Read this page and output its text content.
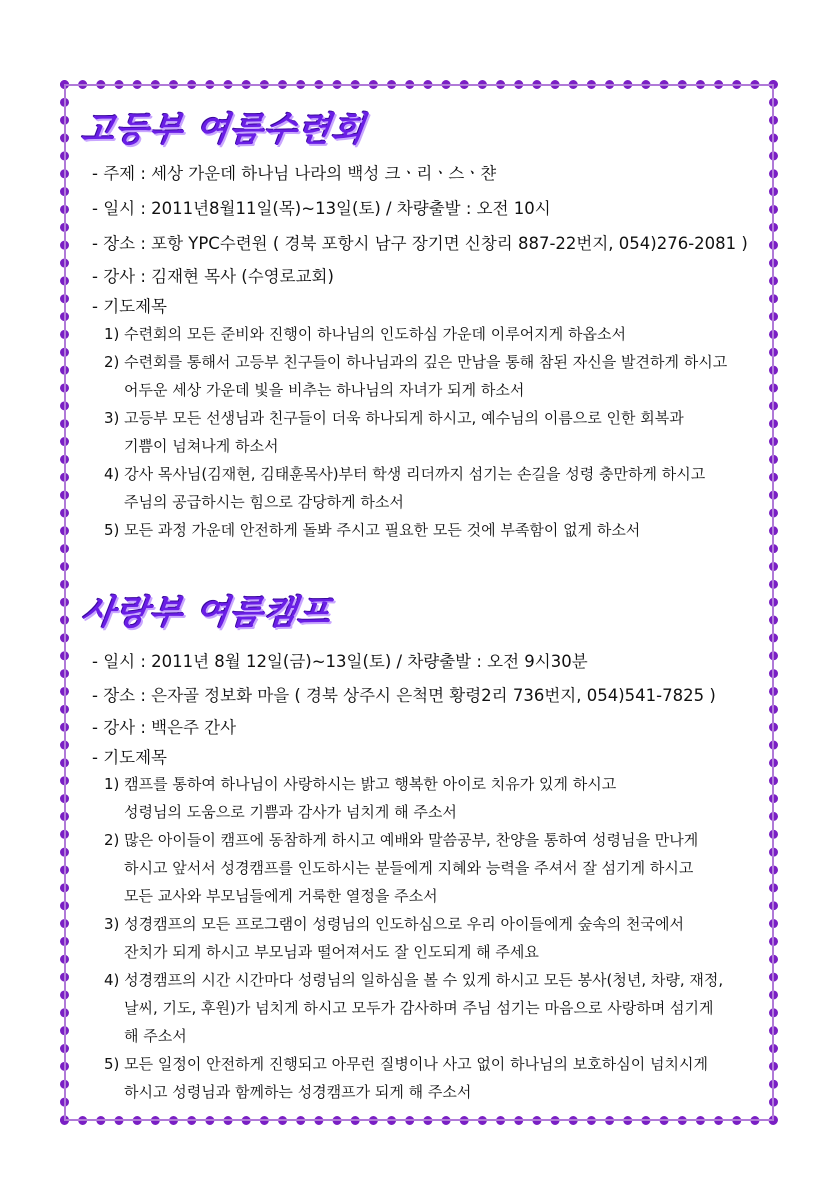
고등부 여름수련회
- 주제 : 세상 가운데 하나님 나라의 백성 크ㆍ리ㆍ스ㆍ챤
- 일시 : 2011년8월11일(목)~13일(토) / 차량출발 : 오전 10시
- 장소 : 포항 YPC수련원 ( 경북 포항시 남구 장기면 신창리 887-22번지, 054)276-2081 )
- 강사 : 김재현 목사 (수영로교회)
- 기도제목
1) 수련회의 모든 준비와 진행이 하나님의 인도하심 가운데 이루어지게 하옵소서
2) 수련회를 통해서 고등부 친구들이 하나님과의 깊은 만남을 통해 참된 자신을 발견하게 하시고
어두운 세상 가운데 빛을 비추는 하나님의 자녀가 되게 하소서
3) 고등부 모든 선생님과 친구들이 더욱 하나되게 하시고, 예수님의 이름으로 인한 회복과
기쁨이 넘쳐나게 하소서
4) 강사 목사님(김재현, 김태훈목사)부터 학생 리더까지 섬기는 손길을 성령 충만하게 하시고
주님의 공급하시는 힘으로 감당하게 하소서
5) 모든 과정 가운데 안전하게 돌봐 주시고 필요한 모든 것에 부족함이 없게 하소서
사랑부 여름캠프
- 일시 : 2011년 8월 12일(금)~13일(토) / 차량출발 : 오전 9시30분
- 장소 : 은자골 정보화 마을 ( 경북 상주시 은척면 황령2리 736번지, 054)541-7825 )
- 강사 : 백은주 간사
- 기도제목
1) 캠프를 통하여 하나님이 사랑하시는 밝고 행복한 아이로 치유가 있게 하시고
성령님의 도움으로 기쁨과 감사가 넘치게 해 주소서
2) 많은 아이들이 캠프에 동참하게 하시고 예배와 말씀공부, 찬양을 통하여 성령님을 만나게
하시고 앞서서 성경캠프를 인도하시는 분들에게 지혜와 능력을 주셔서 잘 섬기게 하시고
모든 교사와 부모님들에게 거룩한 열정을 주소서
3) 성경캠프의 모든 프로그램이 성령님의 인도하심으로 우리 아이들에게 숲속의 천국에서
잔치가 되게 하시고 부모님과 떨어져서도 잘 인도되게 해 주세요
4) 성경캠프의 시간 시간마다 성령님의 일하심을 볼 수 있게 하시고 모든 봉사(청년, 차량, 재정,
날씨, 기도, 후원)가 넘치게 하시고 모두가 감사하며 주님 섬기는 마음으로 사랑하며 섬기게
해 주소서
5) 모든 일정이 안전하게 진행되고 아무런 질병이나 사고 없이 하나님의 보호하심이 넘치시게
하시고 성령님과 함께하는 성경캠프가 되게 해 주소서
